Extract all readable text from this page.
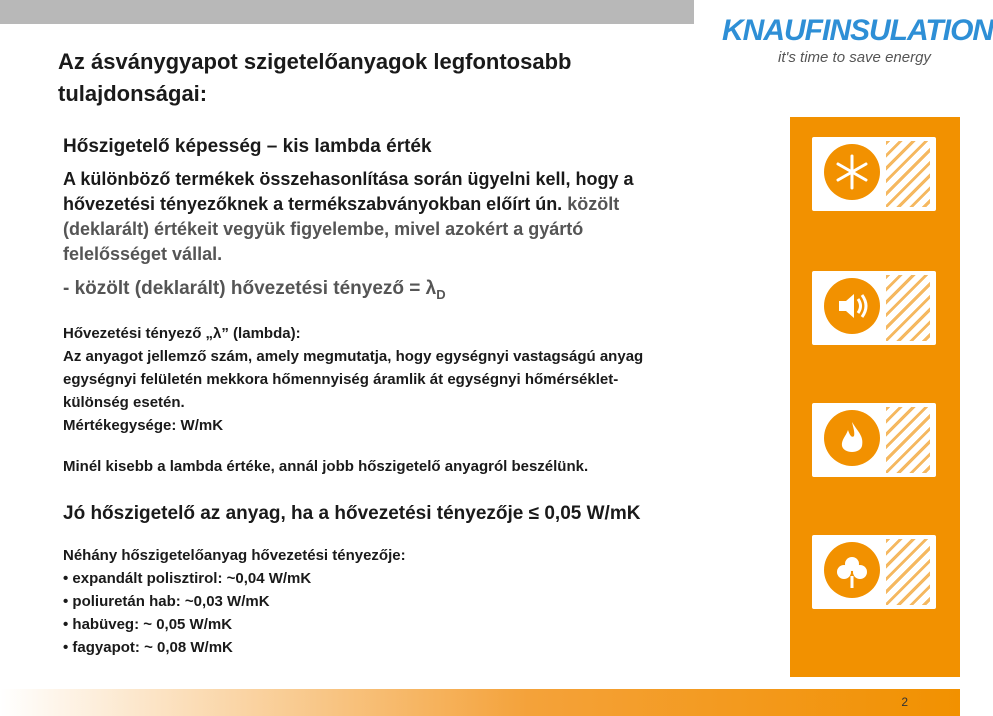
Az ásványgyapot szigetelőanyagok legfontosabb
tulajdonságai:
KNAUFINSULATION
it's time to save energy
Hőszigetelő képesség – kis lambda érték
A különböző termékek összehasonlítása során ügyelni kell, hogy a
hővezetési tényezőknek a termékszabványokban előírt ún. közölt
(deklarált) értékeit vegyük figyelembe, mivel azokért a gyártó
felelősséget vállal.
- közölt (deklarált) hővezetési tényező = $\lambda_D$
Hővezetési tényező „λ” (lambda):
Az anyagot jellemző szám, amely megmutatja, hogy egységnyi vastagságú anyag
egységnyi felületén mekkora hőmennyiség áramlik át egységnyi hőmérséklet-
különség esetén.
Mértékegysége: W/mK
Minél kisebb a lambda értéke, annál jobb hőszigetelő anyagról beszélünk.
Jó hőszigetelő az anyag, ha a hővezetési tényezője ≤ 0,05 W/mK
Néhány hőszigetelőanyag hővezetési tényezője:
• expandált polisztirol: ~0,04 W/mK
• poliuretán hab: ~0,03 W/mK
• habüveg: ~ 0,05 W/mK
• fagyapot: ~ 0,08 W/mK
2
